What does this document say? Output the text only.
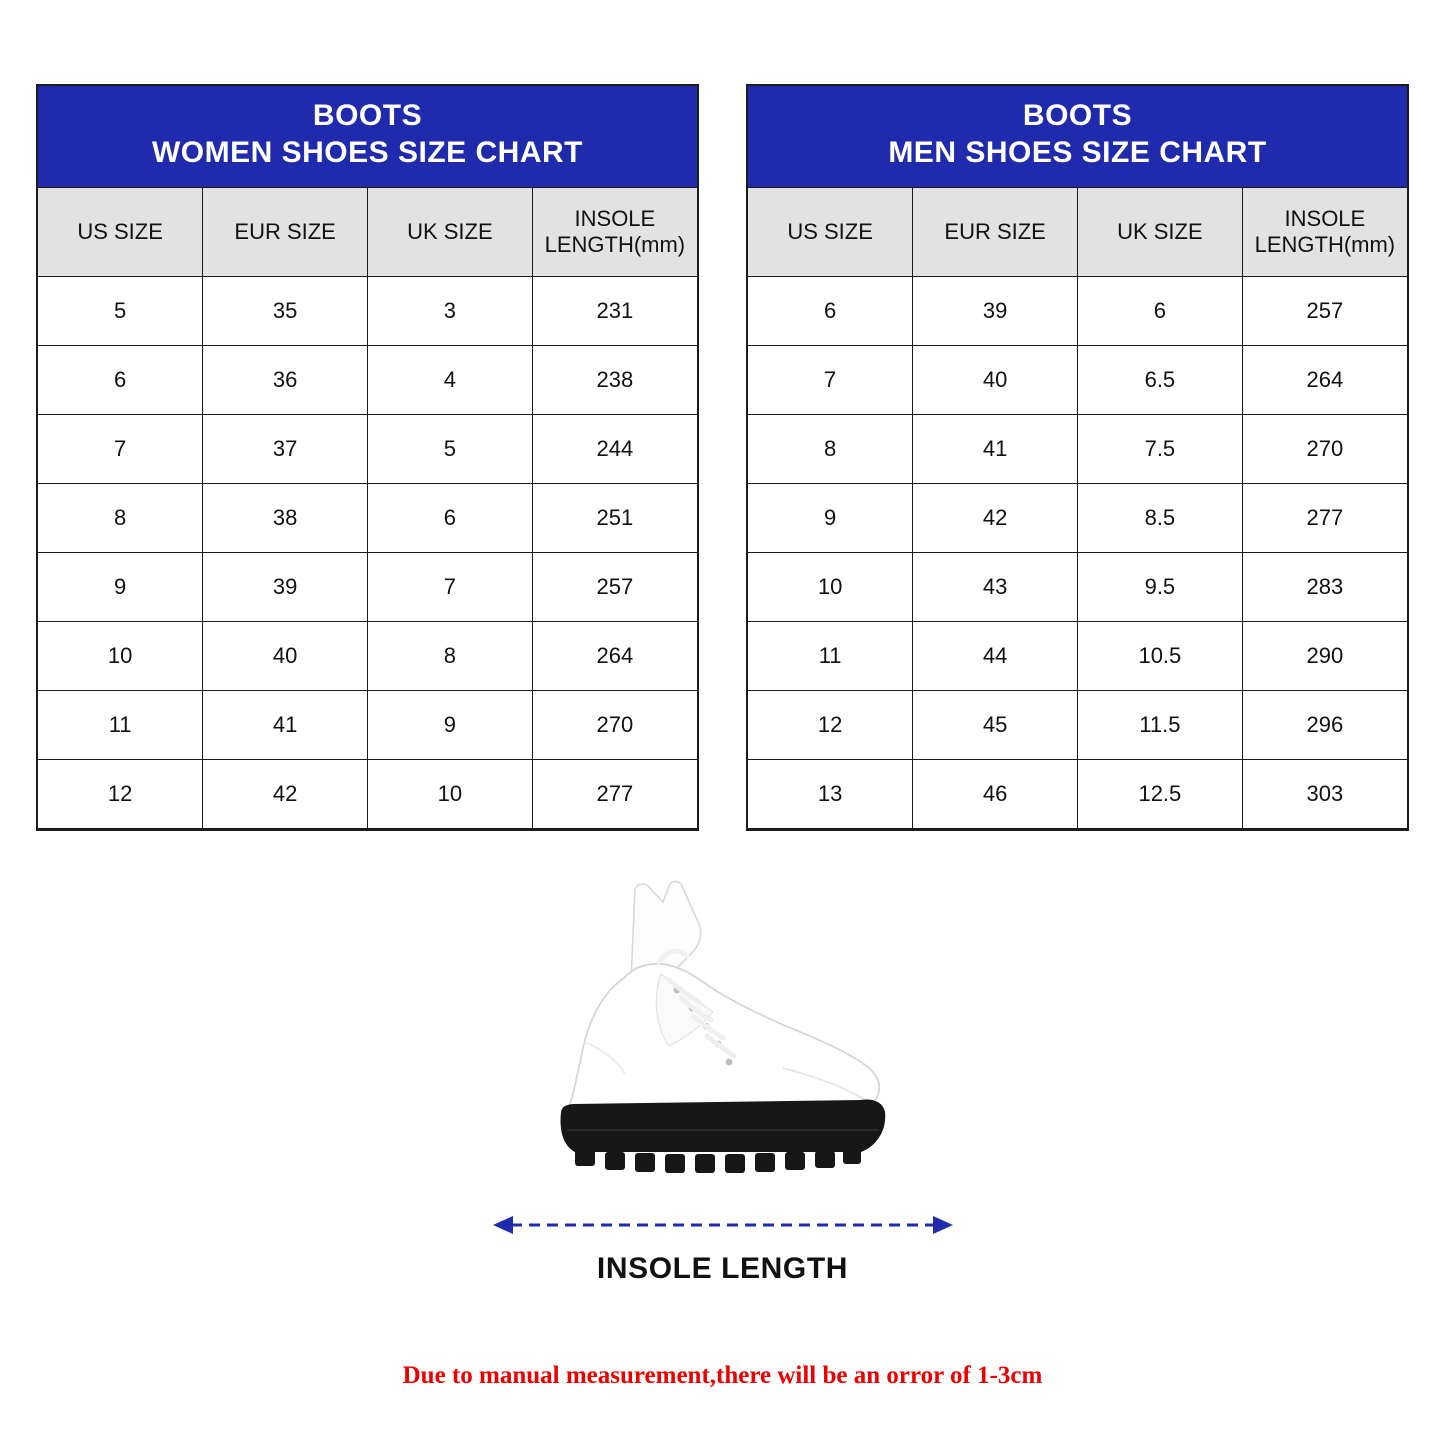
BOOTS
WOMEN SHOES SIZE CHART
US SIZE	EUR SIZE	UK SIZE	INSOLE
LENGTH(mm)
5	35	3	231
6	36	4	238
7	37	5	244
8	38	6	251
9	39	7	257
10	40	8	264
11	41	9	270
12	42	10	277
BOOTS
MEN SHOES SIZE CHART
US SIZE	EUR SIZE	UK SIZE	INSOLE
LENGTH(mm)
6	39	6	257
7	40	6.5	264
8	41	7.5	270
9	42	8.5	277
10	43	9.5	283
11	44	10.5	290
12	45	11.5	296
13	46	12.5	303
INSOLE LENGTH
Due to manual measurement,there will be an orror of 1-3cm
